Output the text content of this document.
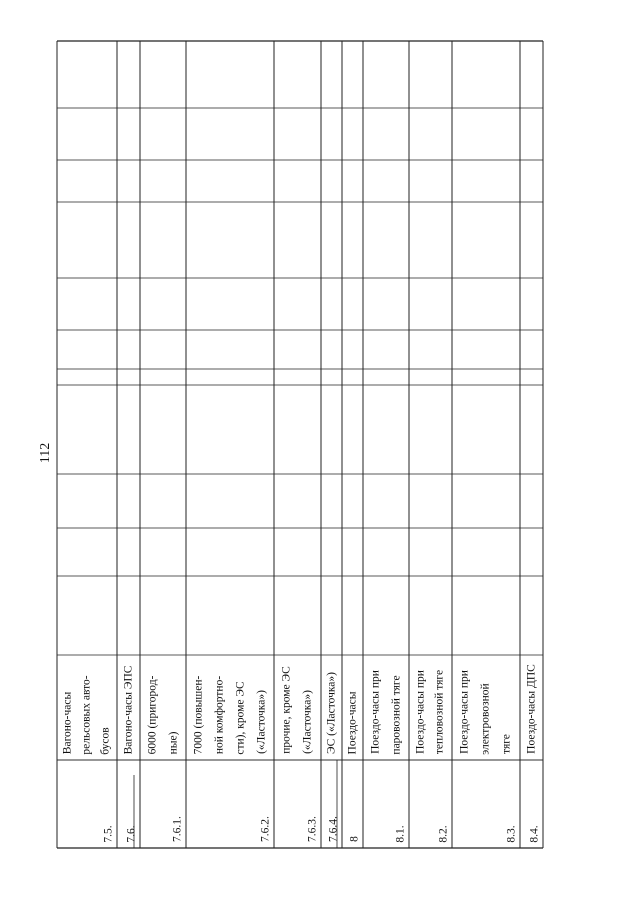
112
Вагоно-часы рельсовых авто- бусов
7.5.
Вагоно-часы ЭПС
7.6.
6000 (пригород- ные)
7.6.1.
7000 (повышен- ной комфортно- сти), кроме ЭС («Ласточка»)
7.6.2.
прочие, кроме ЭС («Ласточка»)
7.6.3.
ЭС («Ласточка»)
7.6.4.
Поездо-часы
8
Поездо-часы при паровозной тяге
8.1.
Поездо-часы при тепловозной тяге
8.2.
Поездо-часы при электровозной тяге
8.3.
Поездо-часы ДПС
8.4.
